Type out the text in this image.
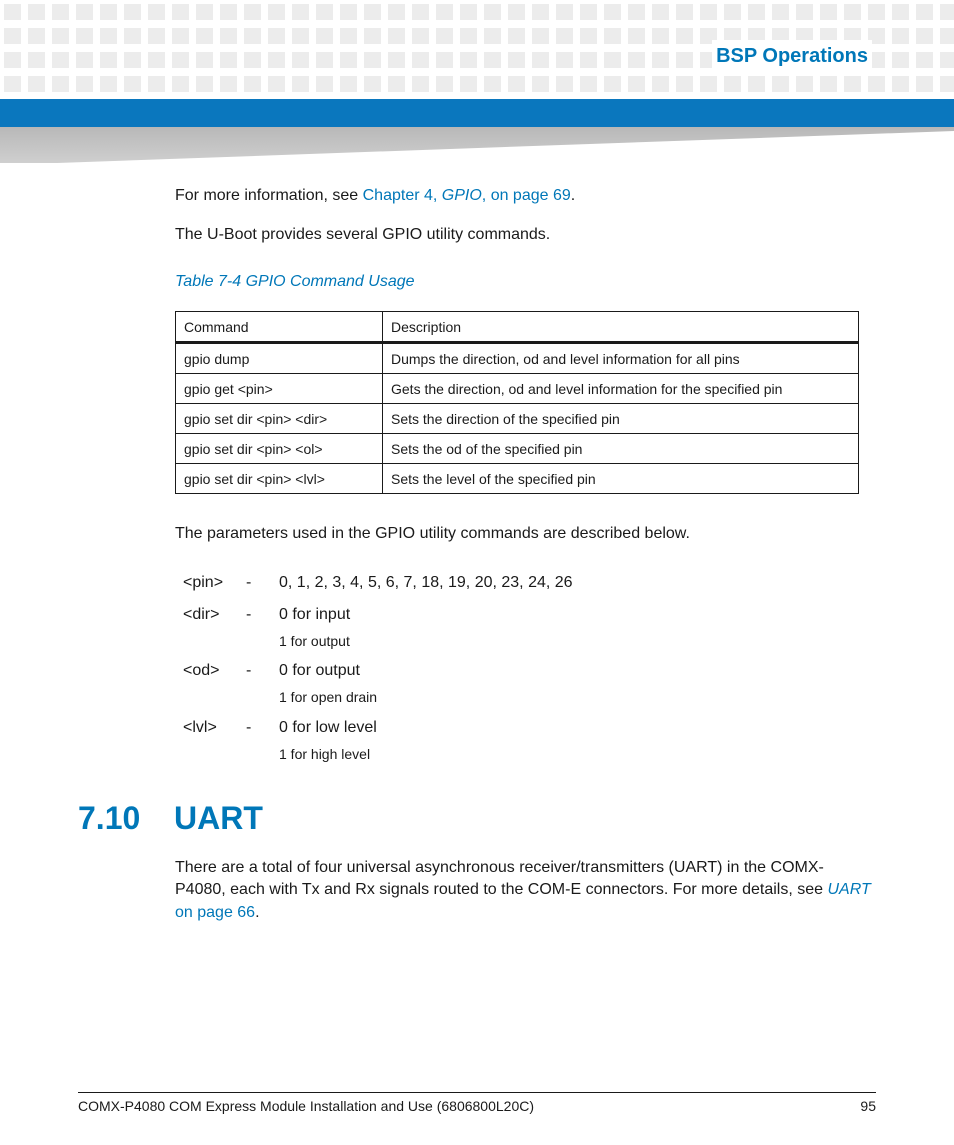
BSP Operations
For more information, see Chapter 4, GPIO, on page 69.
The U-Boot provides several GPIO utility commands.
Table 7-4 GPIO Command Usage
Command	Description
gpio dump	Dumps the direction, od and level information for all pins
gpio get <pin>	Gets the direction, od and level information for the specified pin
gpio set dir <pin> <dir>	Sets the direction of the specified pin
gpio set dir <pin> <ol>	Sets the od of the specified pin
gpio set dir <pin> <lvl>	Sets the level of the specified pin
The parameters used in the GPIO utility commands are described below.
<pin> - 0, 1, 2, 3, 4, 5, 6, 7, 18, 19, 20, 23, 24, 26
<dir> - 0 for input
1 for output
<od> - 0 for output
1 for open drain
<lvl> - 0 for low level
1 for high level
7.10 UART
There are a total of four universal asynchronous receiver/transmitters (UART) in the COMX-
P4080, each with Tx and Rx signals routed to the COM-E connectors. For more details, see UART
on page 66.
COMX-P4080 COM Express Module Installation and Use (6806800L20C)	95
